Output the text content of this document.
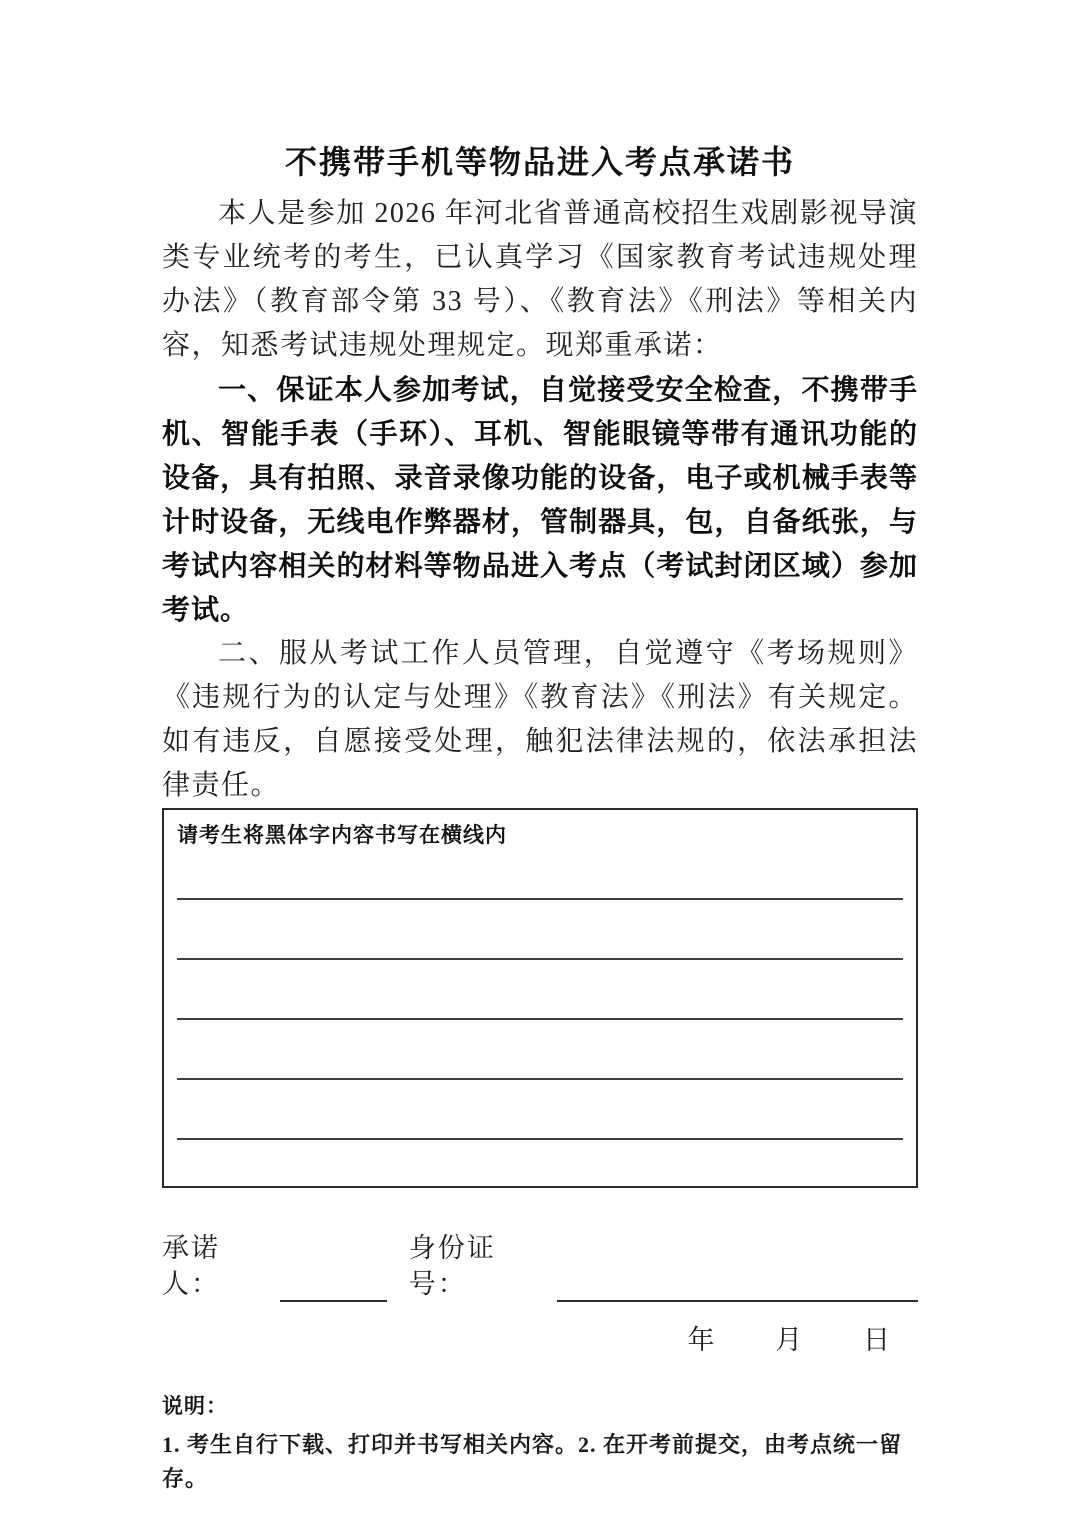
不携带手机等物品进入考点承诺书

本人是参加 2026 年河北省普通高校招生戏剧影视导演类专业统考的考生，已认真学习《国家教育考试违规处理办法》（教育部令第 33 号）、《教育法》《刑法》等相关内容，知悉考试违规处理规定。现郑重承诺：

一、保证本人参加考试，自觉接受安全检查，不携带手机、智能手表（手环）、耳机、智能眼镜等带有通讯功能的设备，具有拍照、录音录像功能的设备，电子或机械手表等计时设备，无线电作弊器材，管制器具，包，自备纸张，与考试内容相关的材料等物品进入考点（考试封闭区域）参加考试。

二、服从考试工作人员管理，自觉遵守《考场规则》《违规行为的认定与处理》《教育法》《刑法》有关规定。如有违反，自愿接受处理，触犯法律法规的，依法承担法律责任。

请考生将黑体字内容书写在横线内
承诺人：
身份证号：
年 月 日
说明：
1. 考生自行下载、打印并书写相关内容。2. 在开考前提交，由考点统一留存。
